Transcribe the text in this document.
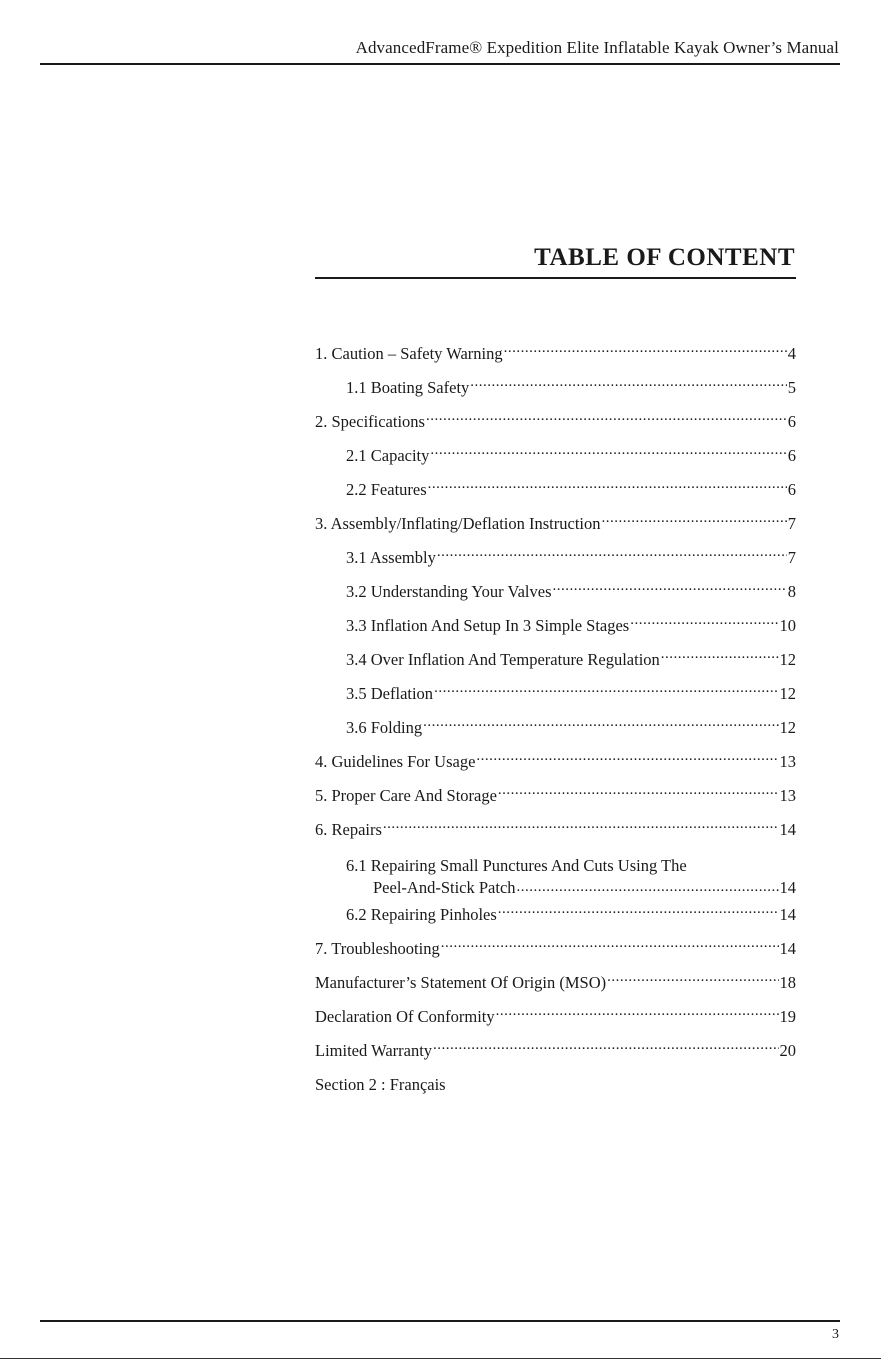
AdvancedFrame® Expedition Elite Inflatable Kayak Owner’s Manual
TABLE OF CONTENT
1. Caution – Safety Warning .....	4
1.1 Boating Safety .....	5
2. Specifications .....	6
2.1 Capacity .....	6
2.2 Features .....	6
3. Assembly/Inflating/Deflation Instruction .....	7
3.1 Assembly .....	7
3.2 Understanding Your Valves .....	8
3.3 Inflation And Setup In 3 Simple Stages .....	10
3.4 Over Inflation And Temperature Regulation .....	12
3.5 Deflation .....	12
3.6 Folding .....	12
4. Guidelines For Usage .....	13
5. Proper Care And Storage .....	13
6. Repairs .....	14
6.1 Repairing Small Punctures And Cuts Using The
Peel-And-Stick Patch .....	14
6.2 Repairing Pinholes .....	14
7. Troubleshooting .....	14
Manufacturer’s Statement Of Origin (MSO) .....	18
Declaration Of Conformity .....	19
Limited Warranty .....	20
Section 2 : Français
3
